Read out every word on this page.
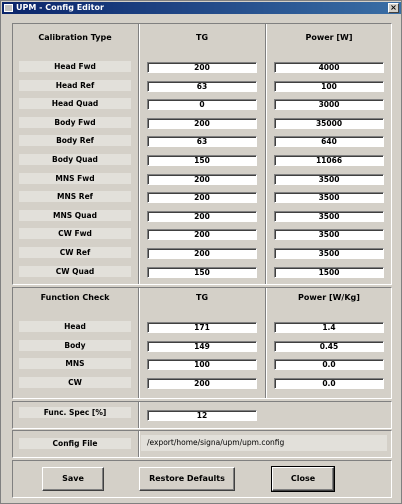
UPM - Config Editor	×
Calibration Type	TG	Power [W]
Head Fwd	200	4000
Head Ref	63	100
Head Quad	0	3000
Body Fwd	200	35000
Body Ref	63	640
Body Quad	150	11066
MNS Fwd	200	3500
MNS Ref	200	3500
MNS Quad	200	3500
CW Fwd	200	3500
CW Ref	200	3500
CW Quad	150	1500
Function Check	TG	Power [W/Kg]
Head	171	1.4
Body	149	0.45
MNS	100	0.0
CW	200	0.0
Func. Spec [%]	12
Config File	/export/home/signa/upm/upm.config
Save	Restore Defaults	Close
